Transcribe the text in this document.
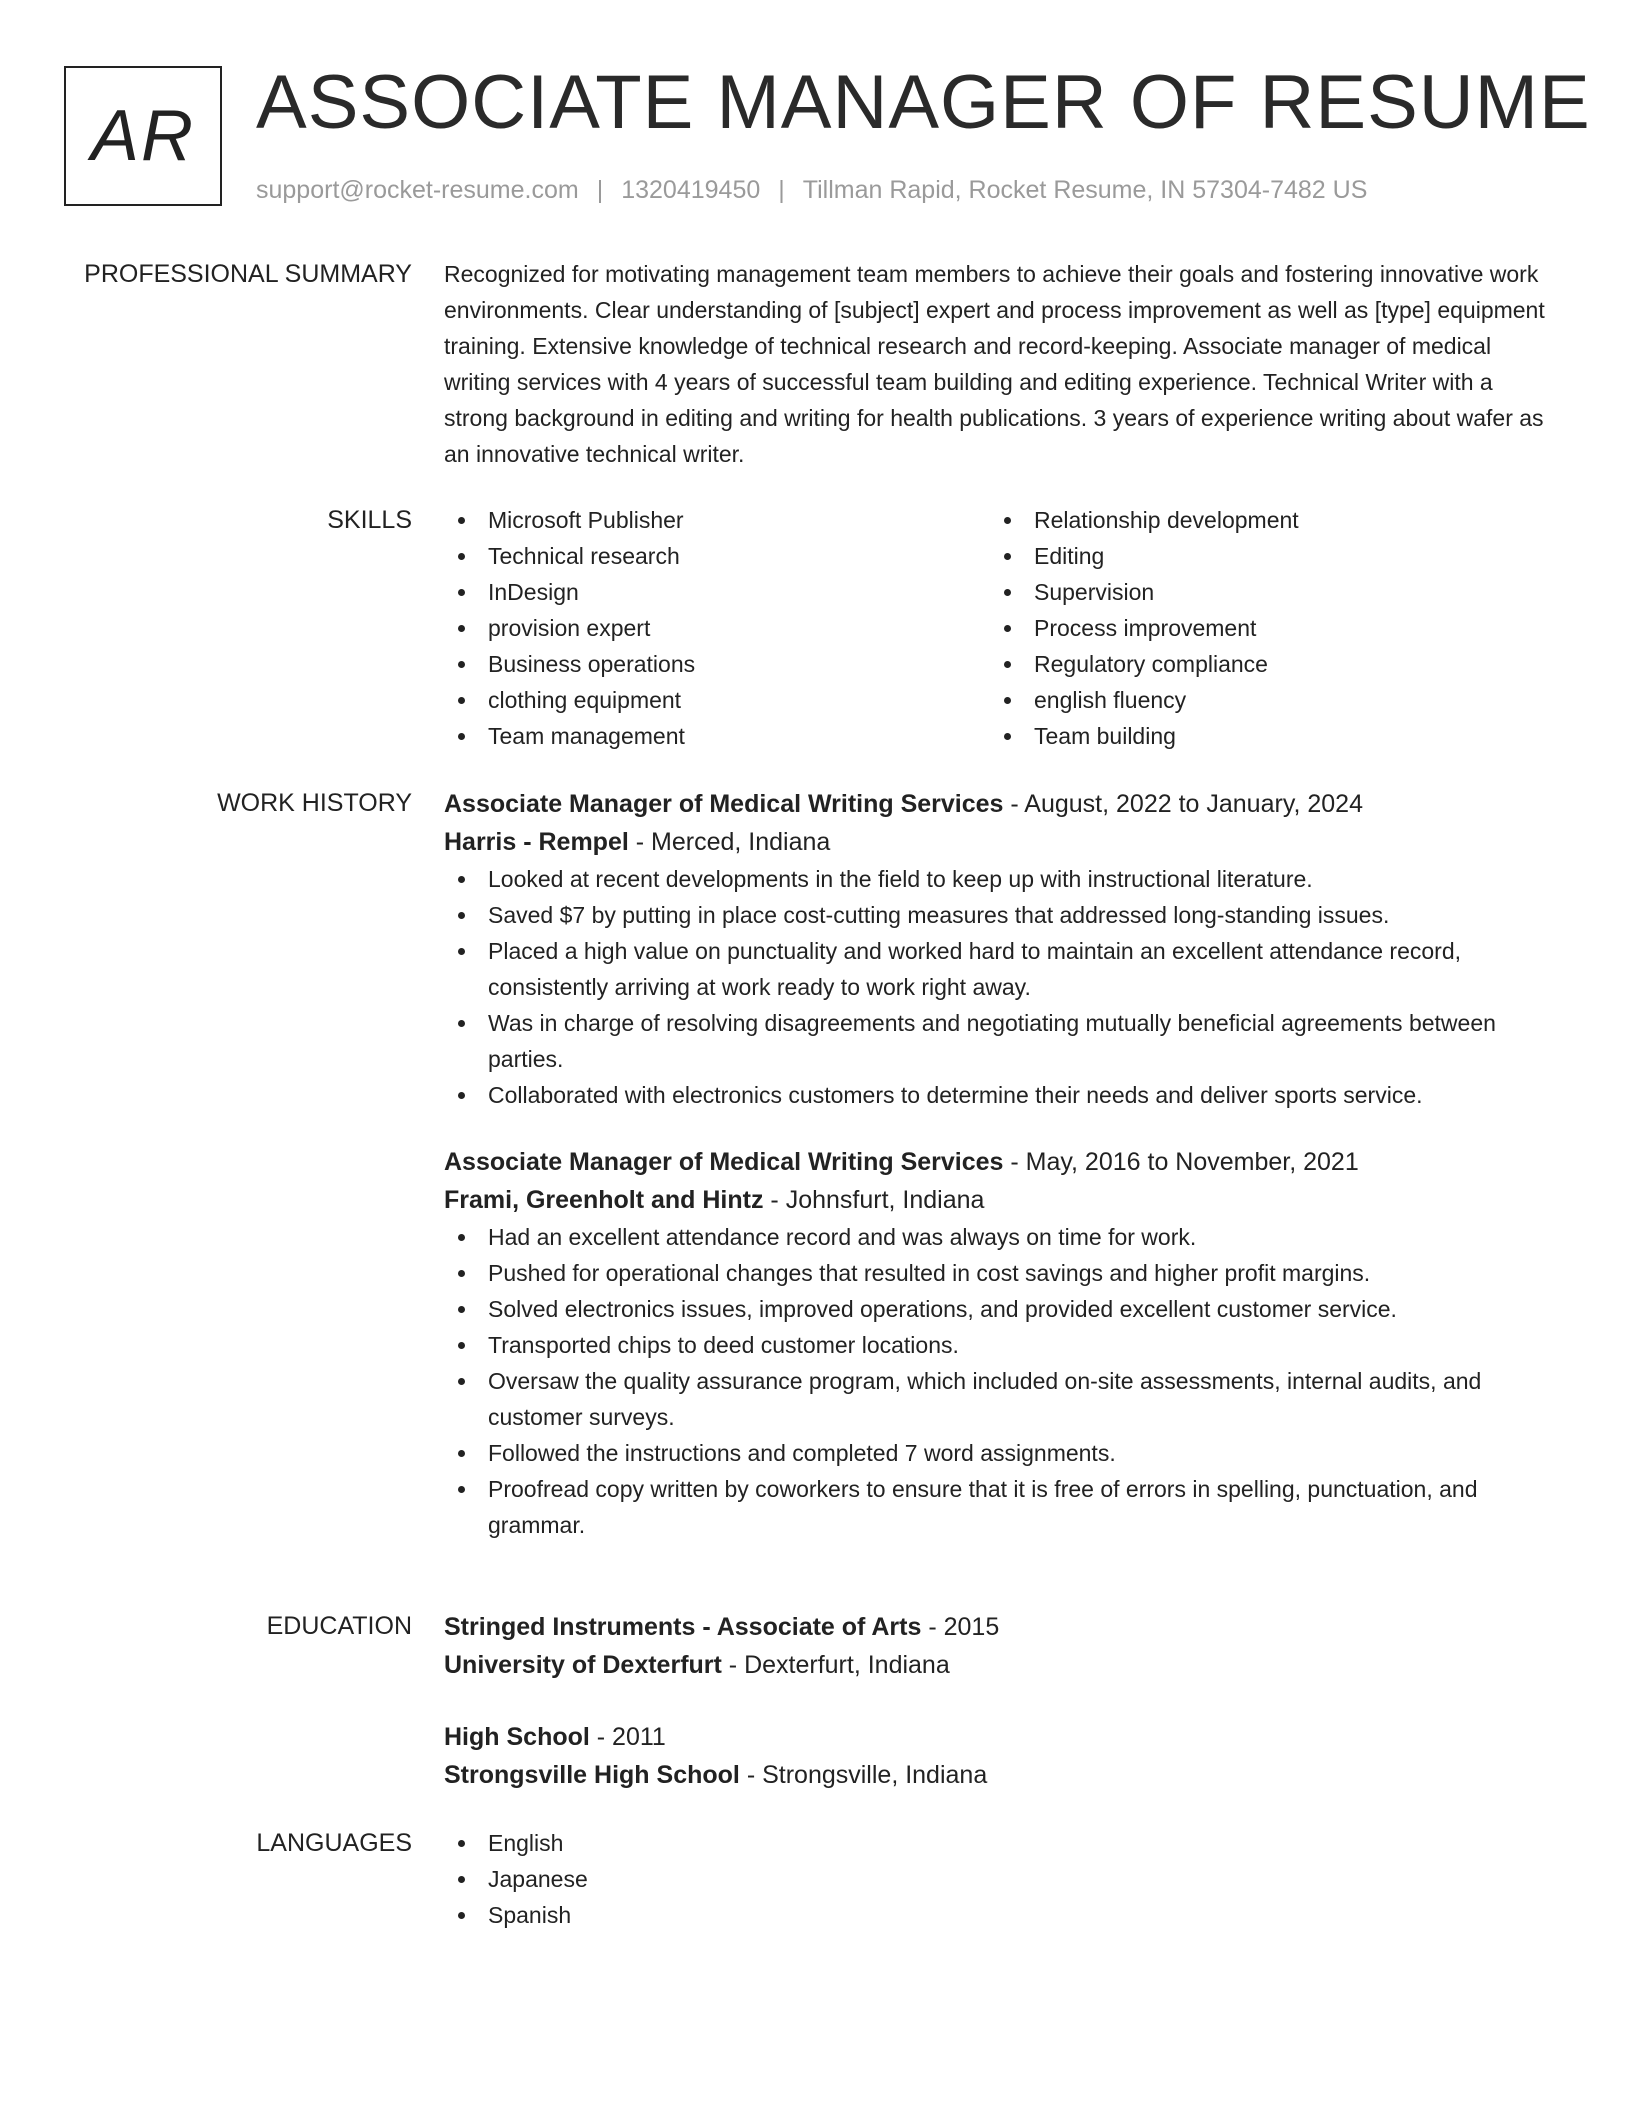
AR ASSOCIATE MANAGER OF RESUME
support@rocket-resume.com | 1320419450 | Tillman Rapid, Rocket Resume, IN 57304-7482 US
PROFESSIONAL SUMMARY Recognized for motivating management team members to achieve their goals and fostering innovative work environments. Clear understanding of [subject] expert and process improvement as well as [type] equipment training. Extensive knowledge of technical research and record-keeping. Associate manager of medical writing services with 4 years of successful team building and editing experience. Technical Writer with a strong background in editing and writing for health publications. 3 years of experience writing about wafer as an innovative technical writer.

SKILLS	Microsoft Publisher
Technical research
InDesign
provision expert
Business operations
clothing equipment
Team management
Relationship development
Editing
Supervision
Process improvement
Regulatory compliance
english fluency
Team building
WORK HISTORY Associate Manager of Medical Writing Services - August, 2022 to January, 2024
Harris - Rempel - Merced, Indiana
Looked at recent developments in the field to keep up with instructional literature.
Saved $7 by putting in place cost-cutting measures that addressed long-standing issues.
Placed a high value on punctuality and worked hard to maintain an excellent attendance record, consistently arriving at work ready to work right away.
Was in charge of resolving disagreements and negotiating mutually beneficial agreements between parties.
Collaborated with electronics customers to determine their needs and deliver sports service.
Associate Manager of Medical Writing Services - May, 2016 to November, 2021
Frami, Greenholt and Hintz - Johnsfurt, Indiana
Had an excellent attendance record and was always on time for work.
Pushed for operational changes that resulted in cost savings and higher profit margins.
Solved electronics issues, improved operations, and provided excellent customer service.
Transported chips to deed customer locations.
Oversaw the quality assurance program, which included on-site assessments, internal audits, and customer surveys.
Followed the instructions and completed 7 word assignments.
Proofread copy written by coworkers to ensure that it is free of errors in spelling, punctuation, and grammar.
EDUCATION Stringed Instruments - Associate of Arts - 2015
University of Dexterfurt - Dexterfurt, Indiana
High School - 2011
Strongsville High School - Strongsville, Indiana
LANGUAGES	English
Japanese
Spanish
